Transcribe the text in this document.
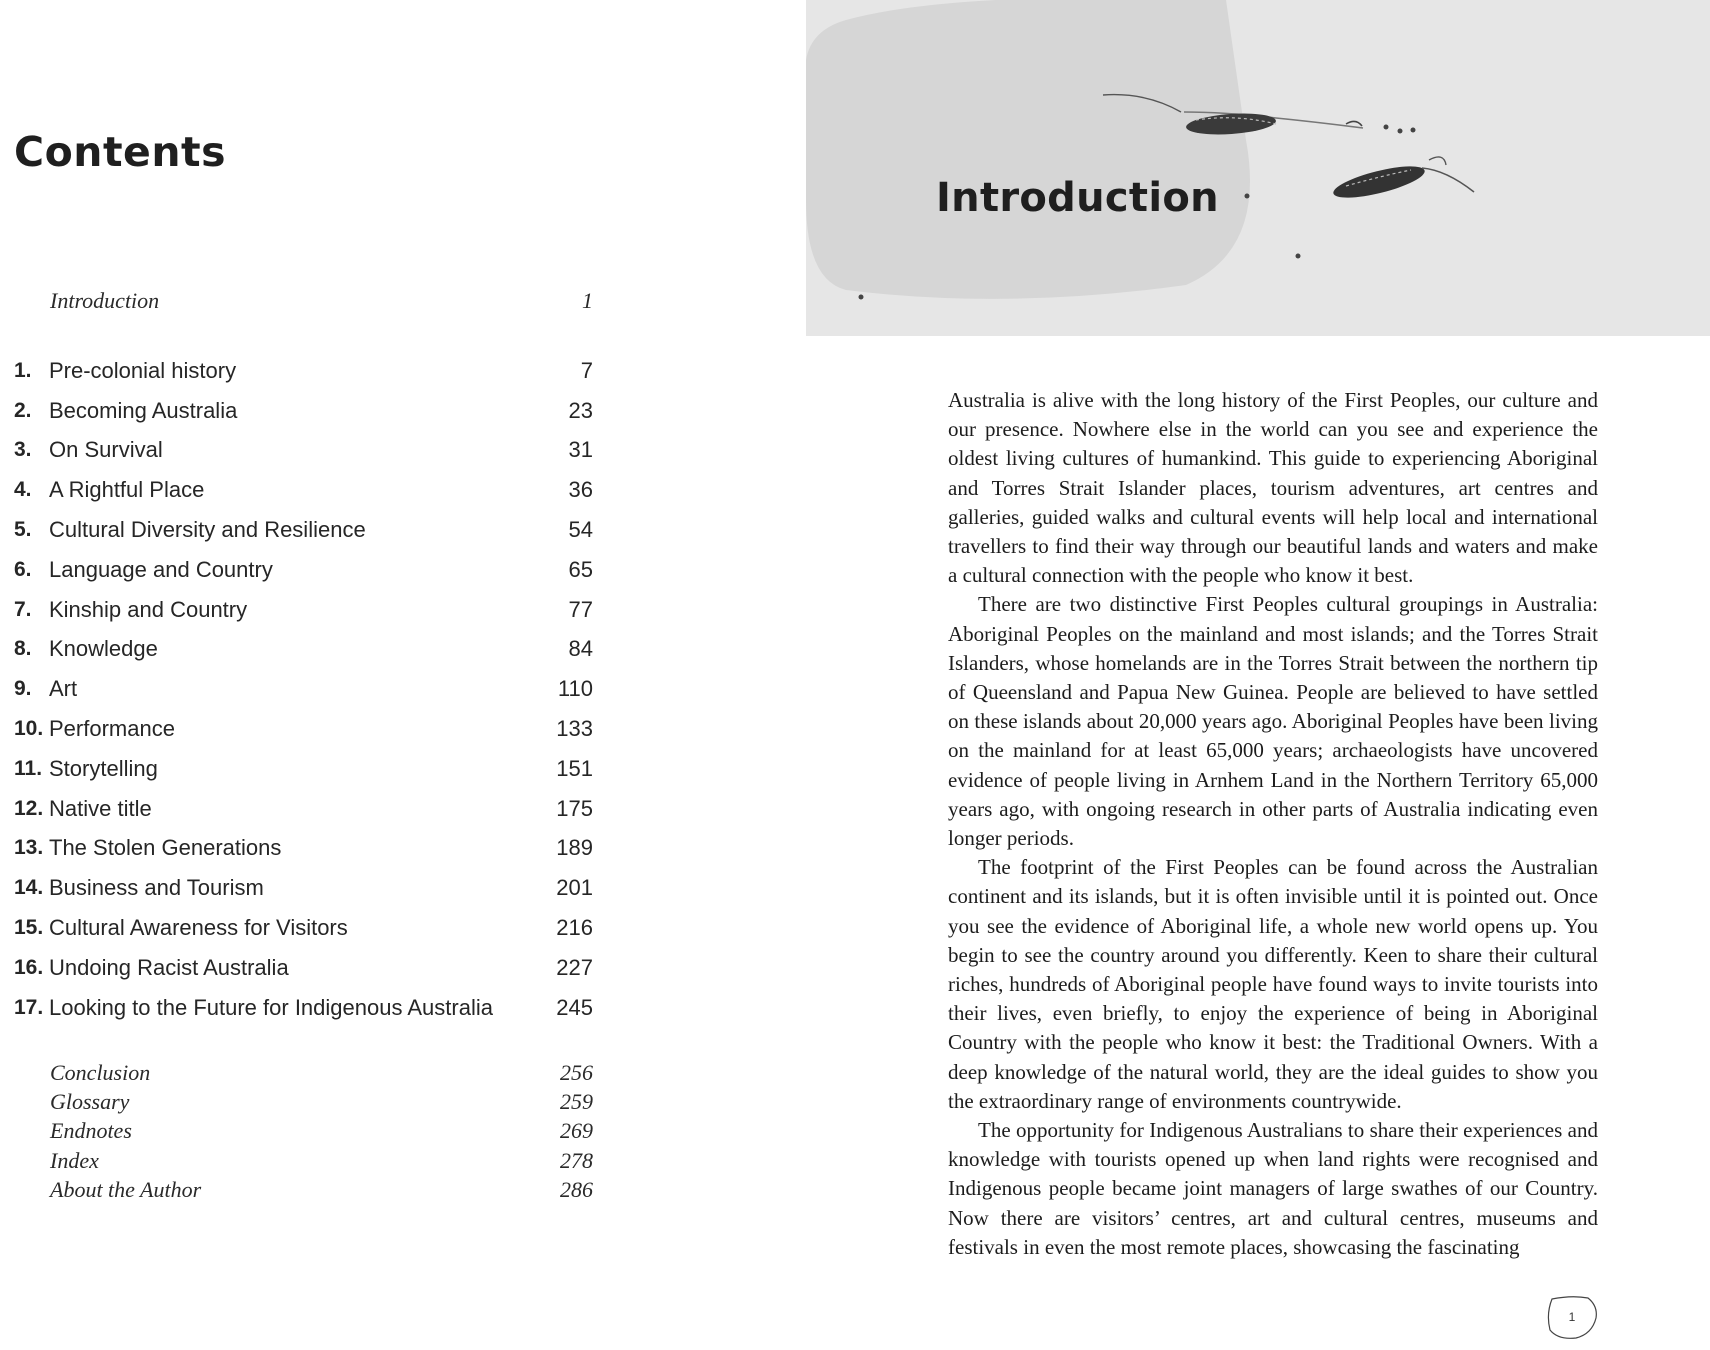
Contents
Introduction	1
1. Pre-colonial history	7
2. Becoming Australia	23
3. On Survival	31
4. A Rightful Place	36
5. Cultural Diversity and Resilience	54
6. Language and Country	65
7. Kinship and Country	77
8. Knowledge	84
9. Art	110
10. Performance	133
11. Storytelling	151
12. Native title	175
13. The Stolen Generations	189
14. Business and Tourism	201
15. Cultural Awareness for Visitors	216
16. Undoing Racist Australia	227
17. Looking to the Future for Indigenous Australia	245
Conclusion	256
Glossary	259
Endnotes	269
Index	278
About the Author	286
Introduction

Australia is alive with the long history of the First Peoples, our culture and our presence. Nowhere else in the world can you see and experience the oldest living cultures of humankind. This guide to experiencing Aboriginal and Torres Strait Islander places, tourism adventures, art centres and galleries, guided walks and cultural events will help local and international travellers to find their way through our beautiful lands and waters and make a cultural connection with the people who know it best.

There are two distinctive First Peoples cultural groupings in Australia: Aboriginal Peoples on the mainland and most islands; and the Torres Strait Islanders, whose homelands are in the Torres Strait between the northern tip of Queensland and Papua New Guinea. People are believed to have settled on these islands about 20,000 years ago. Aboriginal Peoples have been living on the mainland for at least 65,000 years; archaeologists have uncovered evidence of people living in Arnhem Land in the Northern Territory 65,000 years ago, with ongoing research in other parts of Australia indicating even longer periods.

The footprint of the First Peoples can be found across the Australian continent and its islands, but it is often invisible until it is pointed out. Once you see the evidence of Aboriginal life, a whole new world opens up. You begin to see the country around you differently. Keen to share their cultural riches, hundreds of Aboriginal people have found ways to invite tourists into their lives, even briefly, to enjoy the experience of being in Aboriginal Country with the people who know it best: the Traditional Owners. With a deep knowledge of the natural world, they are the ideal guides to show you the extraordinary range of environments countrywide.

The opportunity for Indigenous Australians to share their experiences and knowledge with tourists opened up when land rights were recognised and Indigenous people became joint managers of large swathes of our Country. Now there are visitors’ centres, art and cultural centres, museums and festivals in even the most remote places, showcasing the fascinating

1
